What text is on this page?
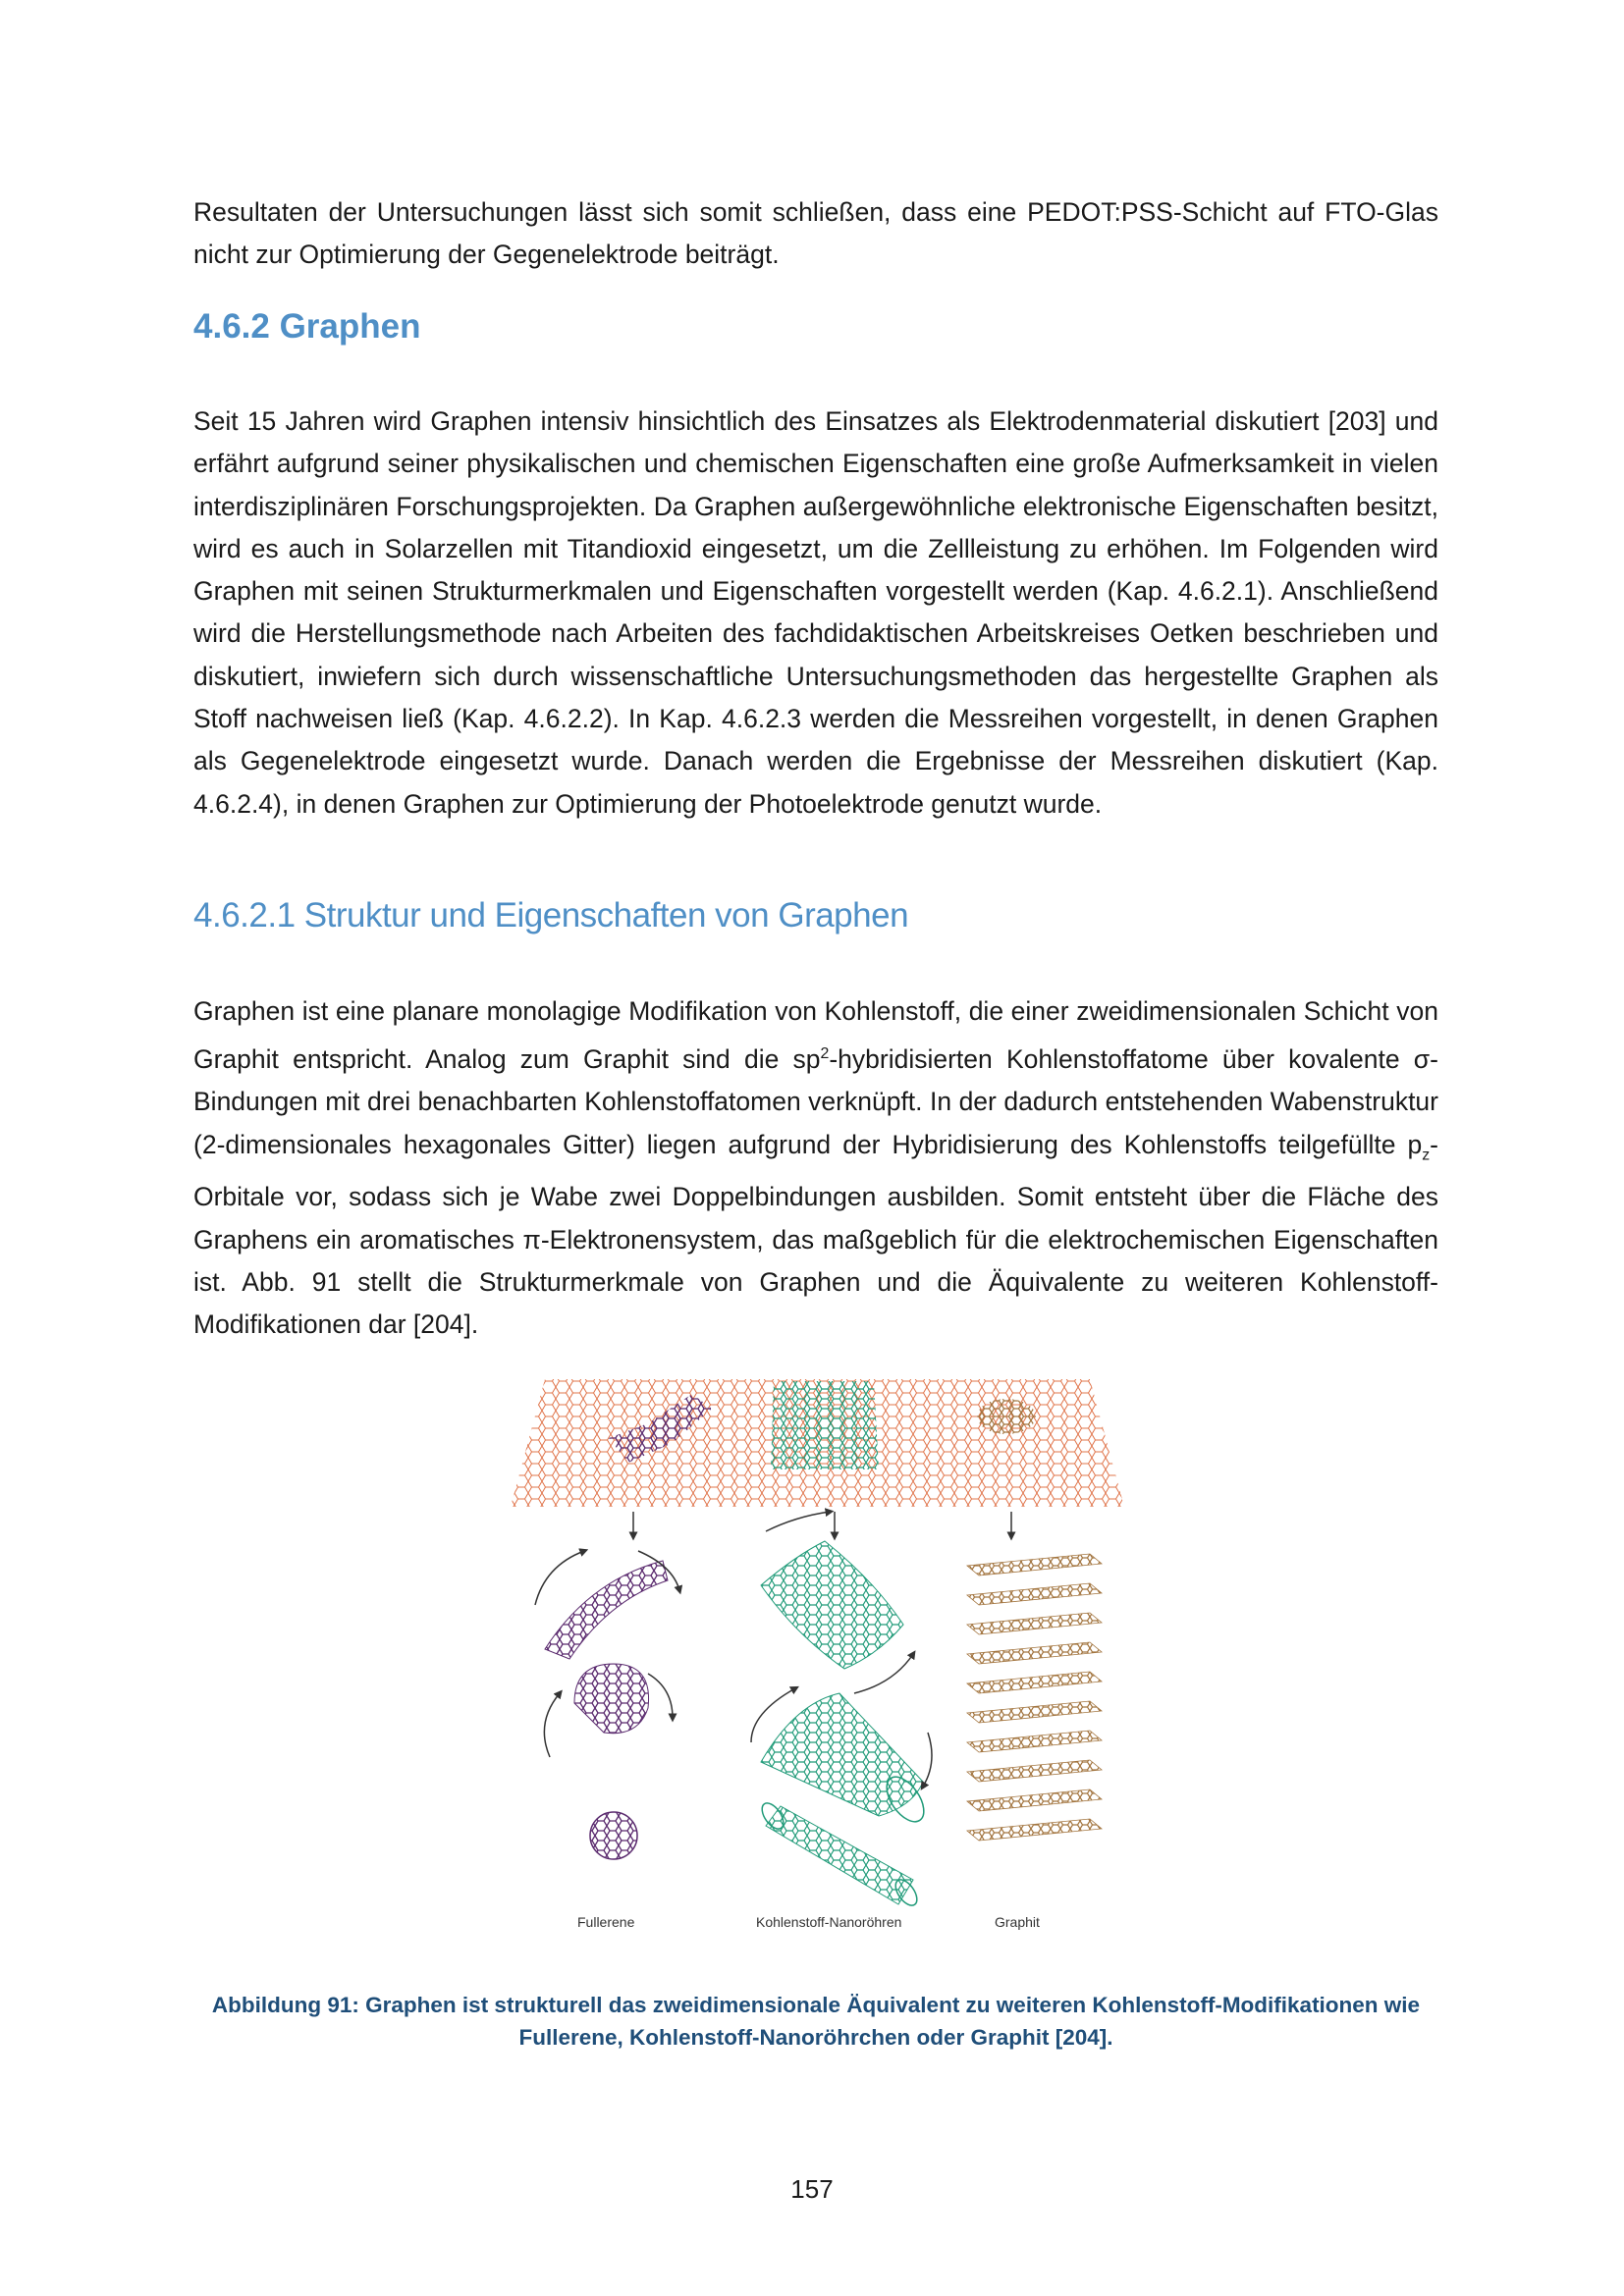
Resultaten der Untersuchungen lässt sich somit schließen, dass eine PEDOT:PSS-Schicht auf FTO-Glas nicht zur Optimierung der Gegenelektrode beiträgt.

4.6.2 Graphen

Seit 15 Jahren wird Graphen intensiv hinsichtlich des Einsatzes als Elektrodenmaterial diskutiert [203] und erfährt aufgrund seiner physikalischen und chemischen Eigenschaften eine große Aufmerksamkeit in vielen interdisziplinären Forschungsprojekten. Da Graphen außergewöhnliche elektronische Eigenschaften besitzt, wird es auch in Solarzellen mit Titandioxid eingesetzt, um die Zellleistung zu erhöhen. Im Folgenden wird Graphen mit seinen Strukturmerkmalen und Eigenschaften vorgestellt werden (Kap. 4.6.2.1). Anschließend wird die Herstellungsmethode nach Arbeiten des fachdidaktischen Arbeitskreises Oetken beschrieben und diskutiert, inwiefern sich durch wissenschaftliche Untersuchungsmethoden das hergestellte Graphen als Stoff nachweisen ließ (Kap. 4.6.2.2). In Kap. 4.6.2.3 werden die Messreihen vorgestellt, in denen Graphen als Gegenelektrode eingesetzt wurde. Danach werden die Ergebnisse der Messreihen diskutiert (Kap. 4.6.2.4), in denen Graphen zur Optimierung der Photoelektrode genutzt wurde.

4.6.2.1 Struktur und Eigenschaften von Graphen

Graphen ist eine planare monolagige Modifikation von Kohlenstoff, die einer zweidimensionalen Schicht von Graphit entspricht. Analog zum Graphit sind die $sp^2$-hybridisierten Kohlenstoffatome über kovalente σ-Bindungen mit drei benachbarten Kohlenstoffatomen verknüpft. In der dadurch entstehenden Wabenstruktur (2-dimensionales hexagonales Gitter) liegen aufgrund der Hybridisierung des Kohlenstoffs teilgefüllte $p_z$-Orbitale vor, sodass sich je Wabe zwei Doppelbindungen ausbilden. Somit entsteht über die Fläche des Graphens ein aromatisches π-Elektronensystem, das maßgeblich für die elektrochemischen Eigenschaften ist. Abb. 91 stellt die Strukturmerkmale von Graphen und die Äquivalente zu weiteren Kohlenstoff-Modifikationen dar [204].

Fullerene	Kohlenstoff-Nanoröhren	Graphit

Abbildung 91: Graphen ist strukturell das zweidimensionale Äquivalent zu weiteren Kohlenstoff-Modifikationen wie Fullerene, Kohlenstoff-Nanoröhrchen oder Graphit [204].

157
